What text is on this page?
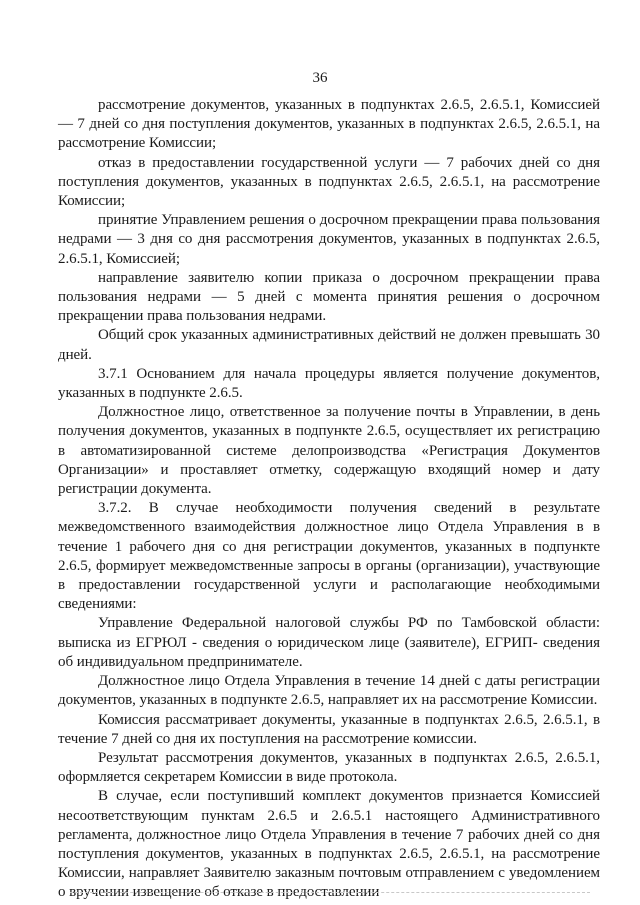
36

рассмотрение документов, указанных в подпунктах 2.6.5, 2.6.5.1, Комиссией — 7 дней со дня поступления документов, указанных в подпунктах 2.6.5, 2.6.5.1, на рассмотрение Комиссии;

отказ в предоставлении государственной услуги — 7 рабочих дней со дня поступления документов, указанных в подпунктах 2.6.5, 2.6.5.1, на рассмотрение Комиссии;

принятие Управлением решения о досрочном прекращении права пользования недрами — 3 дня со дня рассмотрения документов, указанных в подпунктах 2.6.5, 2.6.5.1, Комиссией;

направление заявителю копии приказа о досрочном прекращении права пользования недрами — 5 дней с момента принятия решения о досрочном прекращении права пользования недрами.

Общий срок указанных административных действий не должен превышать 30 дней.

3.7.1 Основанием для начала процедуры является получение документов, указанных в подпункте 2.6.5.

Должностное лицо, ответственное за получение почты в Управлении, в день получения документов, указанных в подпункте 2.6.5, осуществляет их регистрацию в автоматизированной системе делопроизводства «Регистрация Документов Организации» и проставляет отметку, содержащую входящий номер и дату регистрации документа.

3.7.2. В случае необходимости получения сведений в результате межведомственного взаимодействия должностное лицо Отдела Управления в в течение 1 рабочего дня со дня регистрации документов, указанных в подпункте 2.6.5, формирует межведомственные запросы в органы (организации), участвующие в предоставлении государственной услуги и располагающие необходимыми сведениями:

Управление Федеральной налоговой службы РФ по Тамбовской области: выписка из ЕГРЮЛ - сведения о юридическом лице (заявителе), ЕГРИП- сведения об индивидуальном предпринимателе.

Должностное лицо Отдела Управления в течение 14 дней с даты регистрации документов, указанных в подпункте 2.6.5, направляет их на рассмотрение Комиссии.

Комиссия рассматривает документы, указанные в подпунктах 2.6.5, 2.6.5.1, в течение 7 дней со дня их поступления на рассмотрение комиссии.

Результат рассмотрения документов, указанных в подпунктах 2.6.5, 2.6.5.1, оформляется секретарем Комиссии в виде протокола.

В случае, если поступивший комплект документов признается Комиссией несоответствующим пунктам 2.6.5 и 2.6.5.1 настоящего Административного регламента, должностное лицо Отдела Управления в течение 7 рабочих дней со дня поступления документов, указанных в подпунктах 2.6.5, 2.6.5.1, на рассмотрение Комиссии, направляет Заявителю заказным почтовым отправлением с уведомлением о вручении извещение об отказе в предоставлении
